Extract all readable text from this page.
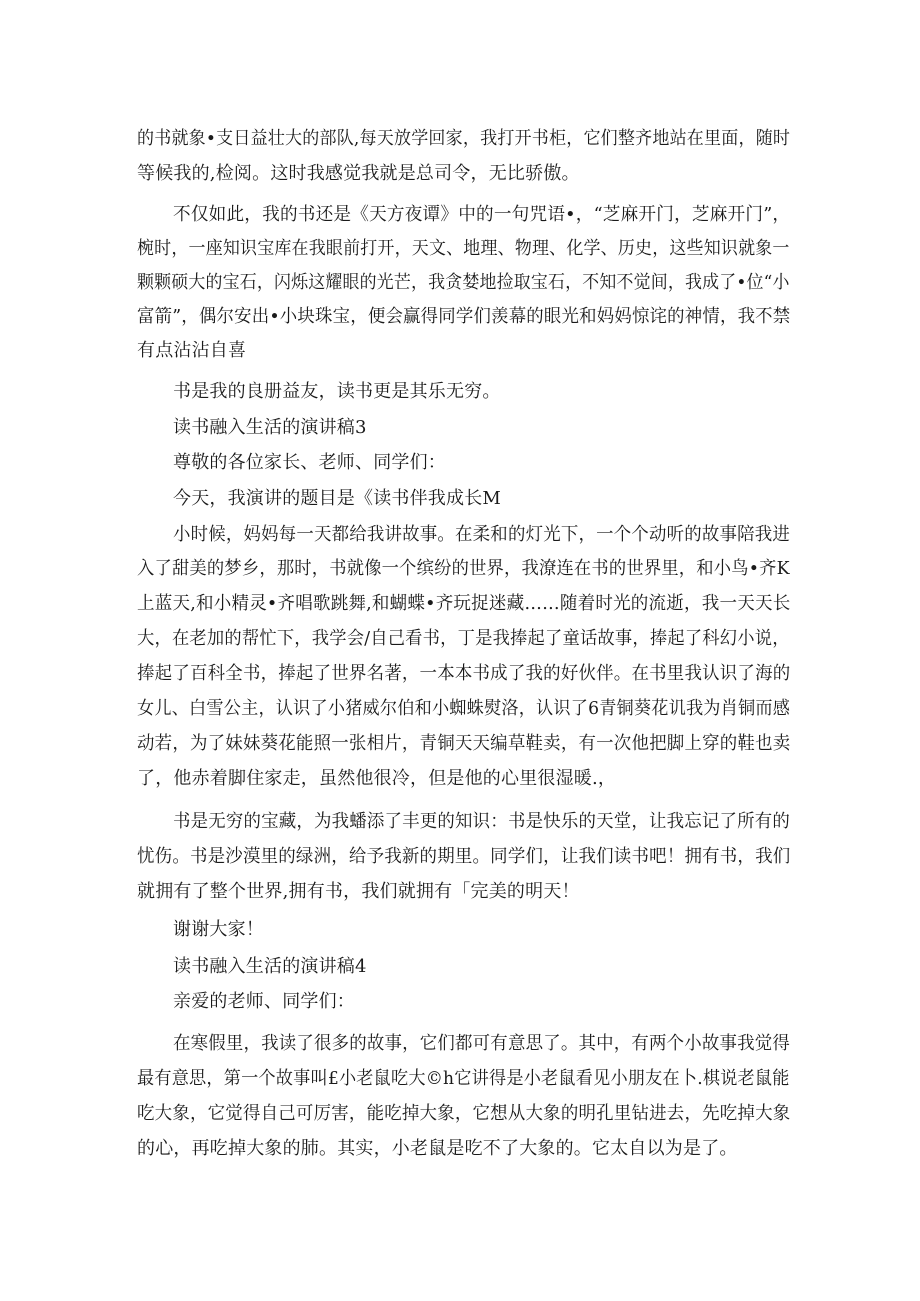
的书就象•支日益壮大的部队,每天放学回家，我打开书柜，它们整齐地站在里面，随时
等候我的,检阅。这时我感觉我就是总司令，无比骄傲。
不仅如此，我的书还是《天方夜谭》中的一句咒语•，“芝麻开门，芝麻开门”，
椀时，一座知识宝库在我眼前打开，天文、地理、物理、化学、历史，这些知识就象一
颗颗硕大的宝石，闪烁这耀眼的光芒，我贪婪地捡取宝石，不知不觉间，我成了•位“小
富箭”，偶尔安出•小块珠宝，便会赢得同学们羡幕的眼光和妈妈惊诧的神情，我不禁
有点沾沾自喜
书是我的良册益友，读书更是其乐无穷。
读书融入生活的演讲稿3
尊敬的各位家长、老师、同学们：
今天，我演讲的题目是《读书伴我成长M
小时候，妈妈每一天都给我讲故事。在柔和的灯光下，一个个动听的故事陪我进
入了甜美的梦乡，那时，书就像一个缤纷的世界，我潦连在书的世界里，和小鸟•齐K
上蓝天,和小精灵•齐唱歌跳舞,和蝴蝶•齐玩捉迷藏……随着时光的流逝，我一天天长
大，在老加的帮忙下，我学会/自己看书，丁是我捧起了童话故事，捧起了科幻小说，
捧起了百科全书，捧起了世界名著，一本本书成了我的好伙伴。在书里我认识了海的
女儿、白雪公主，认识了小猪威尔伯和小蜘蛛熨洛，认识了6青铜葵花讥我为肖铜而感
动若，为了妹妹葵花能照一张相片，青铜天天编草鞋卖，有一次他把脚上穿的鞋也卖
了，他赤着脚住家走，虽然他很冷，但是他的心里很湿暖.，
书是无穷的宝藏，为我蟠添了丰更的知识：书是快乐的天堂，让我忘记了所有的
忧伤。书是沙漠里的绿洲，给予我新的期里。同学们，让我们读书吧！拥有书，我们
就拥有了整个世界,拥有书，我们就拥有「完美的明天！
谢谢大家！
读书融入生活的演讲稿4
亲爱的老师、同学们：
在寒假里，我读了很多的故事，它们都可有意思了。其中，有两个小故事我觉得
最有意思，第一个故事叫£小老鼠吃大©h它讲得是小老鼠看见小朋友在卜.棋说老鼠能
吃大象，它觉得自己可厉害，能吃掉大象，它想从大象的明孔里钻进去，先吃掉大象
的心，再吃掉大象的肺。其实，小老鼠是吃不了大象的。它太自以为是了。
